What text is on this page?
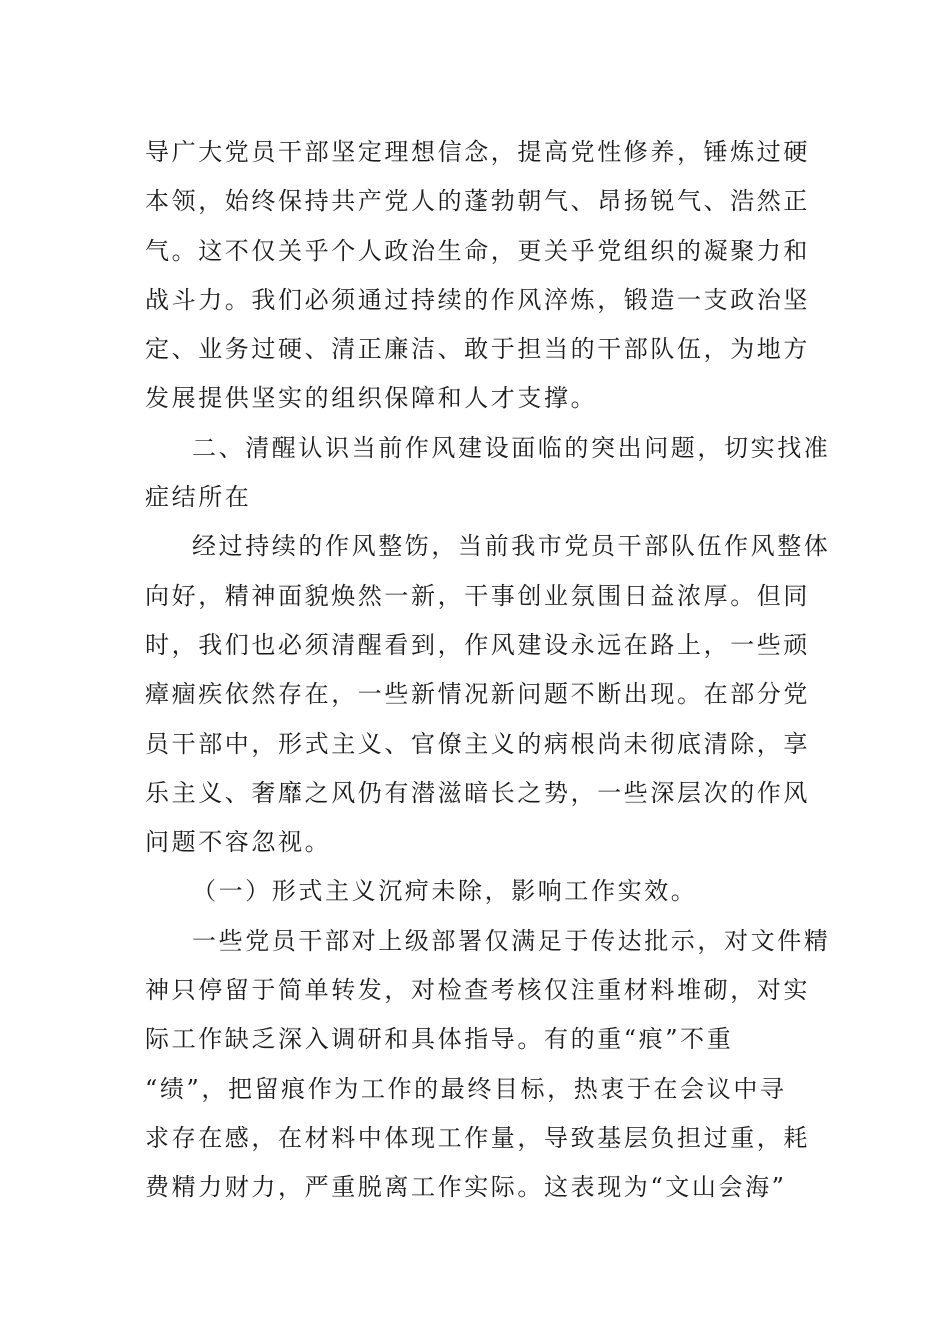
导广大党员干部坚定理想信念，提高党性修养，锤炼过硬
本领，始终保持共产党人的蓬勃朝气、昂扬锐气、浩然正
气。这不仅关乎个人政治生命，更关乎党组织的凝聚力和
战斗力。我们必须通过持续的作风淬炼，锻造一支政治坚
定、业务过硬、清正廉洁、敢于担当的干部队伍，为地方
发展提供坚实的组织保障和人才支撑。
二、清醒认识当前作风建设面临的突出问题，切实找准
症结所在
经过持续的作风整饬，当前我市党员干部队伍作风整体
向好，精神面貌焕然一新，干事创业氛围日益浓厚。但同
时，我们也必须清醒看到，作风建设永远在路上，一些顽
瘴痼疾依然存在，一些新情况新问题不断出现。在部分党
员干部中，形式主义、官僚主义的病根尚未彻底清除，享
乐主义、奢靡之风仍有潜滋暗长之势，一些深层次的作风
问题不容忽视。
（一）形式主义沉疴未除，影响工作实效。
一些党员干部对上级部署仅满足于传达批示，对文件精
神只停留于简单转发，对检查考核仅注重材料堆砌，对实
际工作缺乏深入调研和具体指导。有的重“痕”不重
“绩”，把留痕作为工作的最终目标，热衷于在会议中寻
求存在感，在材料中体现工作量，导致基层负担过重，耗
费精力财力，严重脱离工作实际。这表现为“文山会海”
